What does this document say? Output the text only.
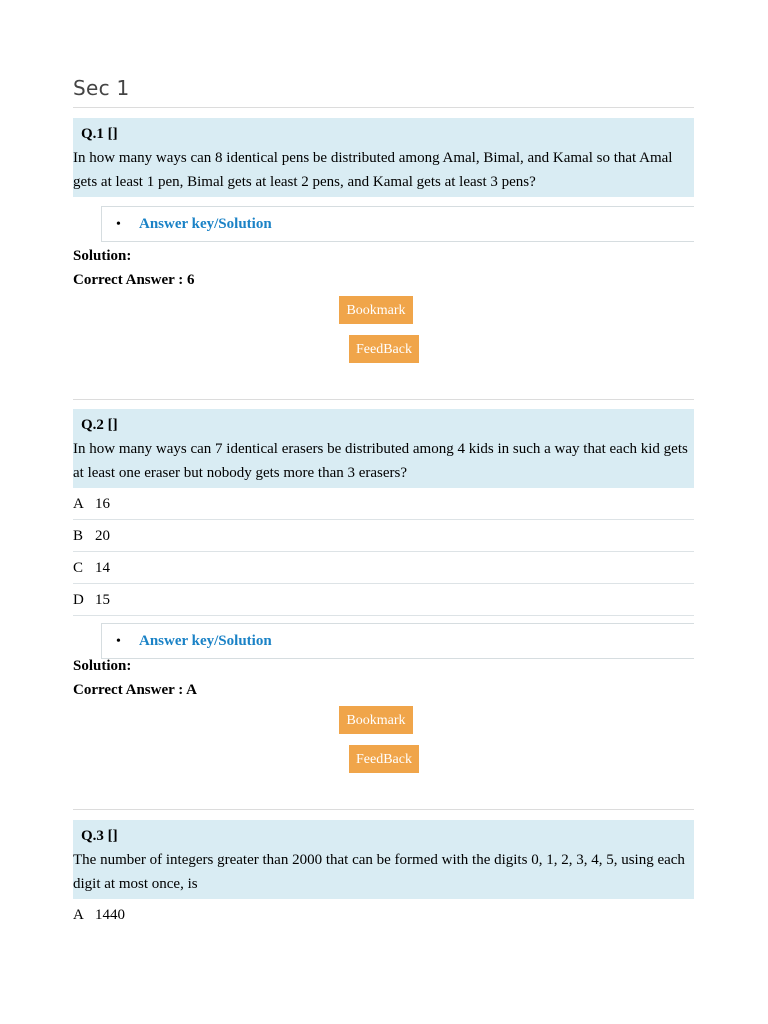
Sec 1
Q.1 []
In how many ways can 8 identical pens be distributed among Amal, Bimal, and Kamal so that Amal gets at least 1 pen, Bimal gets at least 2 pens, and Kamal gets at least 3 pens?
• Answer key/Solution
Solution:
Correct Answer : 6
Bookmark
FeedBack
Q.2 []
In how many ways can 7 identical erasers be distributed among 4 kids in such a way that each kid gets at least one eraser but nobody gets more than 3 erasers?
A 16
B 20
C 14
D 15
• Answer key/Solution
Solution:
Correct Answer : A
Bookmark
FeedBack
Q.3 []
The number of integers greater than 2000 that can be formed with the digits 0, 1, 2, 3, 4, 5, using each digit at most once, is
A 1440
